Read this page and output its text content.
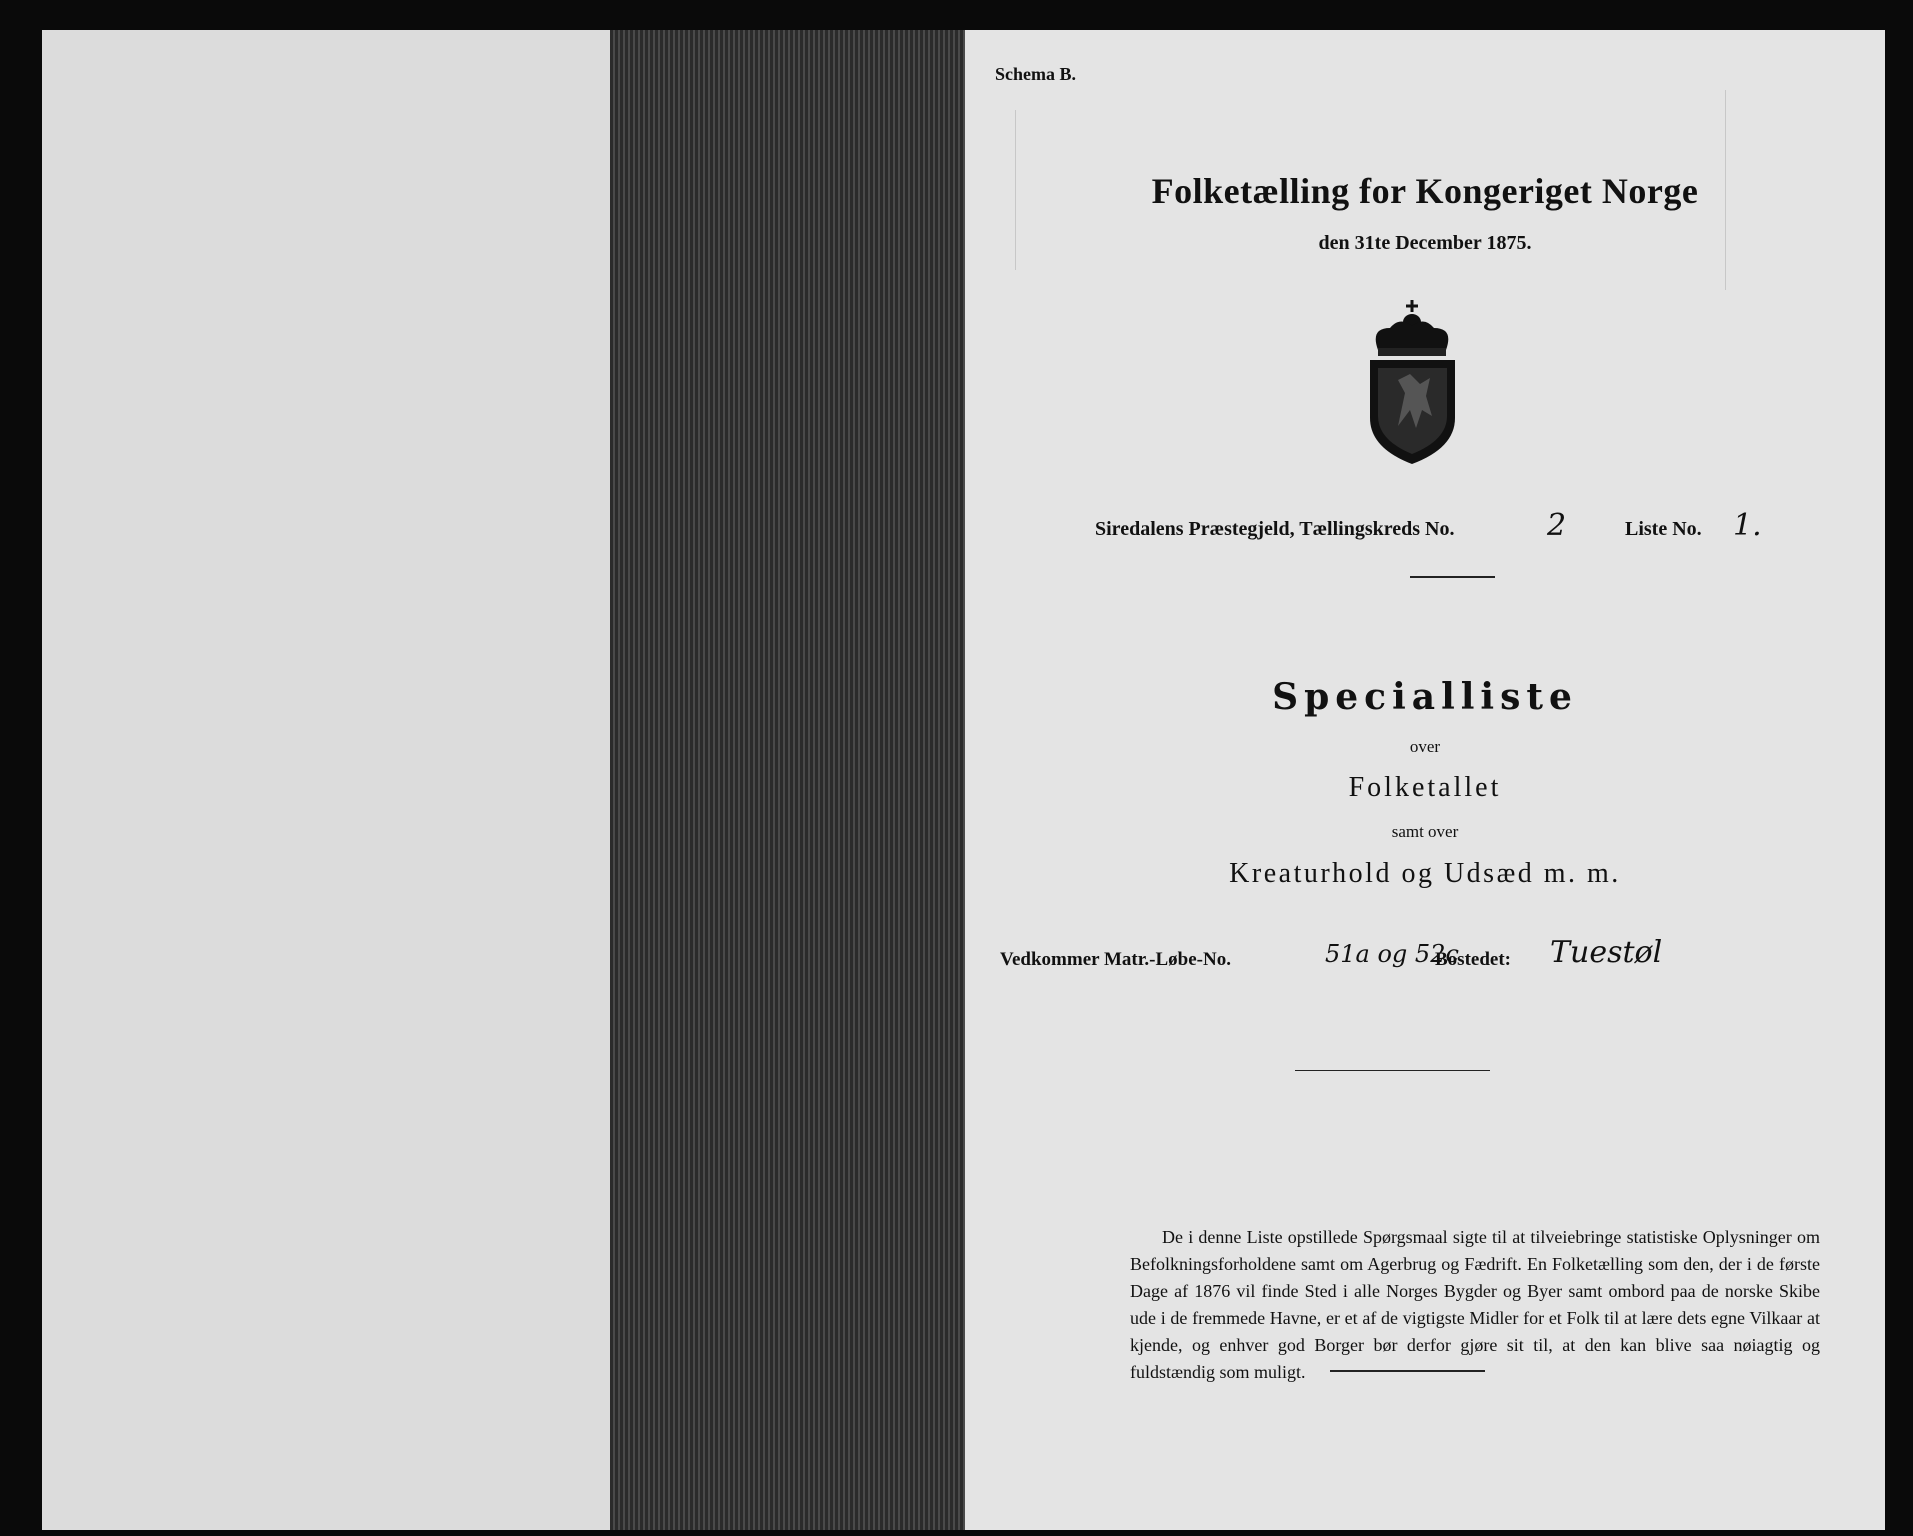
Schema B.
Folketælling for Kongeriget Norge
den 31te December 1875.
Siredalens Præstegjeld, Tællingskreds No.	2	Liste No. 1.
Specialliste
over
Folketallet
samt over
Kreaturhold og Udsæd m. m.
Vedkommer Matr.-Løbe-No.	51a og 52c
Bostedet: Tuestøl
De i denne Liste opstillede Spørgsmaal sigte til at tilveiebringe statistiske Oplysninger om Befolkningsforholdene samt om Agerbrug og Fædrift. En Folketælling som den, der i de første Dage af 1876 vil finde Sted i alle Norges Bygder og Byer samt ombord paa de norske Skibe ude i de fremmede Havne, er et af de vigtigste Midler for et Folk til at lære dets egne Vilkaar at kjende, og enhver god Borger bør derfor gjøre sit til, at den kan blive saa nøiagtig og fuldstændig som muligt.
